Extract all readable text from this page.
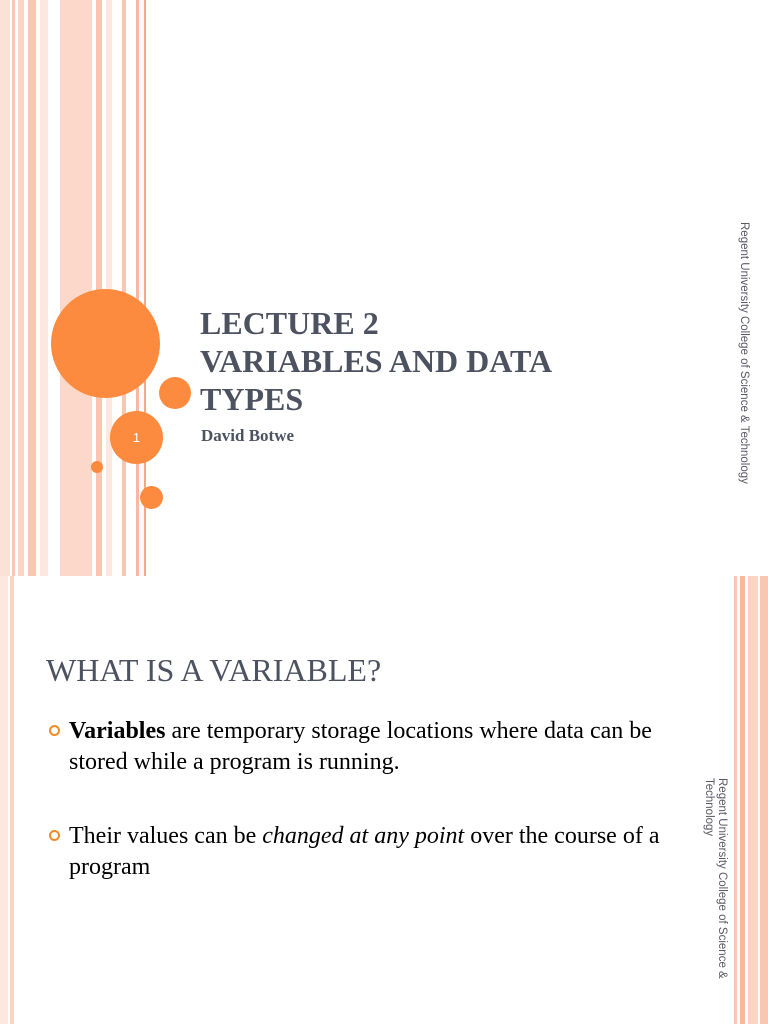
1
LECTURE 2
VARIABLES AND DATA
TYPES
David Botwe	Regent University College of Science & Technology
WHAT IS A VARIABLE?
Variables are temporary storage locations where data can be stored while a program is running.
Their values can be changed at any point over the course of a program	Regent University College of Science & Technology
